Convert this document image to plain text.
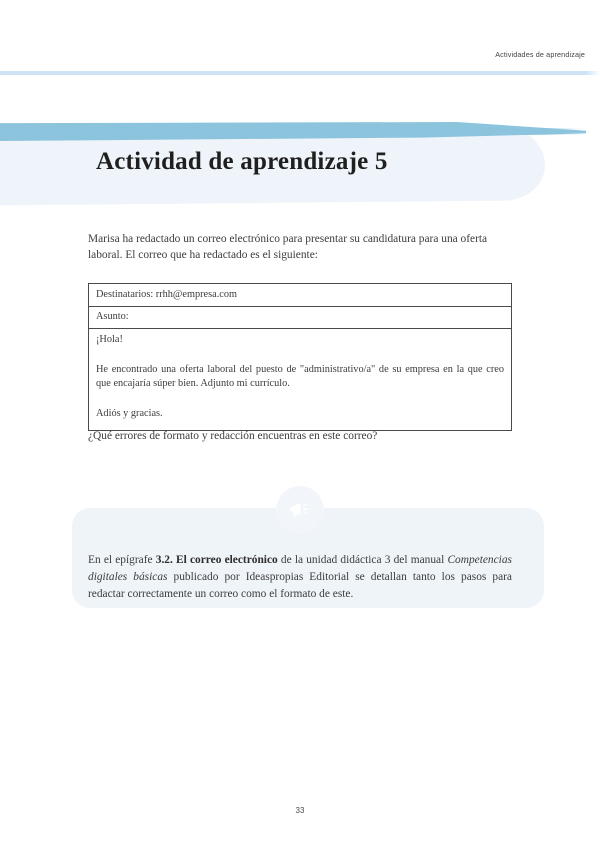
Actividades de aprendizaje
Actividad de aprendizaje 5
Marisa ha redactado un correo electrónico para presentar su candidatura para una oferta laboral. El correo que ha redactado es el siguiente:
Destinatarios: rrhh@empresa.com
Asunto:

¡Hola!

He encontrado una oferta laboral del puesto de "administrativo/a" de su empresa en la que creo que encajaría súper bien. Adjunto mi currículo.

Adiós y gracias.

¿Qué errores de formato y redacción encuentras en este correo?
En el epígrafe 3.2. El correo electrónico de la unidad didáctica 3 del manual Competencias digitales básicas publicado por Ideaspropias Editorial se detallan tanto los pasos para redactar correctamente un correo como el formato de este.
33
